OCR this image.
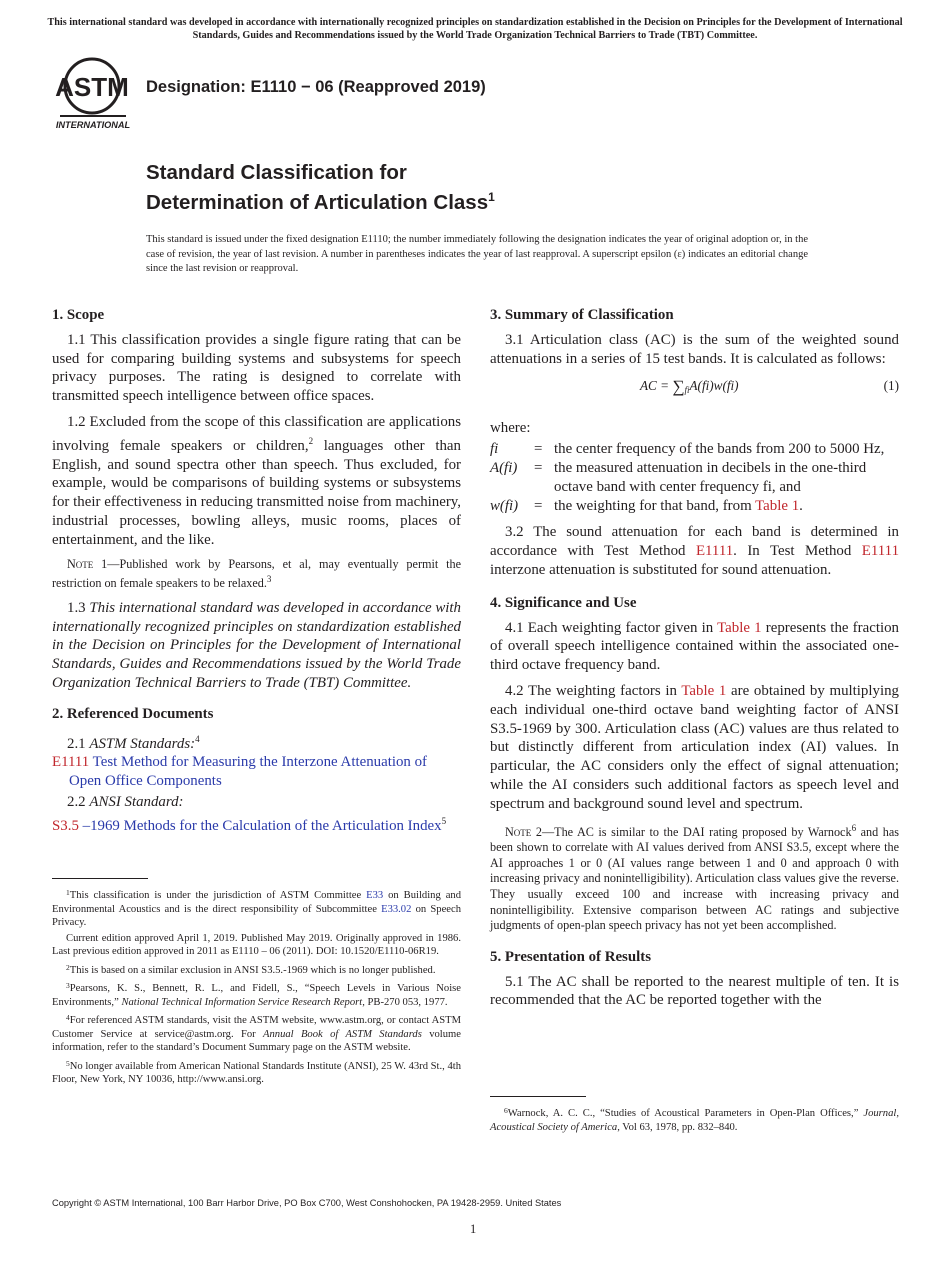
This international standard was developed in accordance with internationally recognized principles on standardization established in the Decision on Principles for the Development of International Standards, Guides and Recommendations issued by the World Trade Organization Technical Barriers to Trade (TBT) Committee.
ASTM
INTERNATIONAL
Designation: E1110 − 06 (Reapproved 2019)
Standard Classification for
Determination of Articulation Class$^1$
This standard is issued under the fixed designation E1110; the number immediately following the designation indicates the year of original adoption or, in the case of revision, the year of last revision. A number in parentheses indicates the year of last reapproval. A superscript epsilon (ε) indicates an editorial change since the last revision or reapproval.
1. Scope

1.1 This classification provides a single figure rating that can be used for comparing building systems and subsystems for speech privacy purposes. The rating is designed to correlate with transmitted speech intelligence between office spaces.

1.2 Excluded from the scope of this classification are applications involving female speakers or children,$^2$ languages other than English, and sound spectra other than speech. Thus excluded, for example, would be comparisons of building systems or subsystems for their effectiveness in reducing transmitted noise from machinery, industrial processes, bowling alleys, music rooms, places of entertainment, and the like.

Note 1—Published work by Pearsons, et al, may eventually permit the restriction on female speakers to be relaxed.$^3$

1.3 This international standard was developed in accordance with internationally recognized principles on standardization established in the Decision on Principles for the Development of International Standards, Guides and Recommendations issued by the World Trade Organization Technical Barriers to Trade (TBT) Committee.

2. Referenced Documents

2.1 ASTM Standards:$^4$

E1111 Test Method for Measuring the Interzone Attenuation of Open Office Components

2.2 ANSI Standard:

S3.5 –1969 Methods for the Calculation of the Articulation Index$^5$

$^1$This classification is under the jurisdiction of ASTM Committee E33 on Building and Environmental Acoustics and is the direct responsibility of Subcommittee E33.02 on Speech Privacy.

Current edition approved April 1, 2019. Published May 2019. Originally approved in 1986. Last previous edition approved in 2011 as E1110 – 06 (2011). DOI: 10.1520/E1110-06R19.

$^2$This is based on a similar exclusion in ANSI S3.5.-1969 which is no longer published.

$^3$Pearsons, K. S., Bennett, R. L., and Fidell, S., “Speech Levels in Various Noise Environments,” National Technical Information Service Research Report, PB-270 053, 1977.

$^4$For referenced ASTM standards, visit the ASTM website, www.astm.org, or contact ASTM Customer Service at service@astm.org. For Annual Book of ASTM Standards volume information, refer to the standard’s Document Summary page on the ASTM website.

$^5$No longer available from American National Standards Institute (ANSI), 25 W. 43rd St., 4th Floor, New York, NY 10036, http://www.ansi.org.

3. Summary of Classification

3.1 Articulation class (AC) is the sum of the weighted sound attenuations in a series of 15 test bands. It is calculated as follows:

AC = $\sum_{fi}A(fi)w(fi)$	(1)
where:
fi	= the center frequency of the bands from 200 to 5000 Hz,
A(fi)	= the measured attenuation in decibels in the one-third octave band with center frequency fi, and
w(fi)	= the weighting for that band, from Table 1.

3.2 The sound attenuation for each band is determined in accordance with Test Method E1111. In Test Method E1111 interzone attenuation is substituted for sound attenuation.

4. Significance and Use

4.1 Each weighting factor given in Table 1 represents the fraction of overall speech intelligence contained within the associated one-third octave frequency band.

4.2 The weighting factors in Table 1 are obtained by multiplying each individual one-third octave band weighting factor of ANSI S3.5-1969 by 300. Articulation class (AC) values are thus related to but distinctly different from articulation index (AI) values. In particular, the AC considers only the effect of signal attenuation; while the AI considers such additional factors as speech level and spectrum and background sound level and spectrum.

Note 2—The AC is similar to the DAI rating proposed by Warnock$^6$ and has been shown to correlate with AI values derived from ANSI S3.5, except where the AI approaches 1 or 0 (AI values range between 1 and 0 and approach 0 with increasing privacy and nonintelligibility). Articulation class values give the reverse. They usually exceed 100 and increase with increasing privacy and nonintelligibility. Extensive comparison between AC ratings and subjective judgments of open-plan speech privacy has not yet been accomplished.

5. Presentation of Results

5.1 The AC shall be reported to the nearest multiple of ten. It is recommended that the AC be reported together with the

$^6$Warnock, A. C. C., “Studies of Acoustical Parameters in Open-Plan Offices,” Journal, Acoustical Society of America, Vol 63, 1978, pp. 832–840.

Copyright © ASTM International, 100 Barr Harbor Drive, PO Box C700, West Conshohocken, PA 19428-2959. United States
1
